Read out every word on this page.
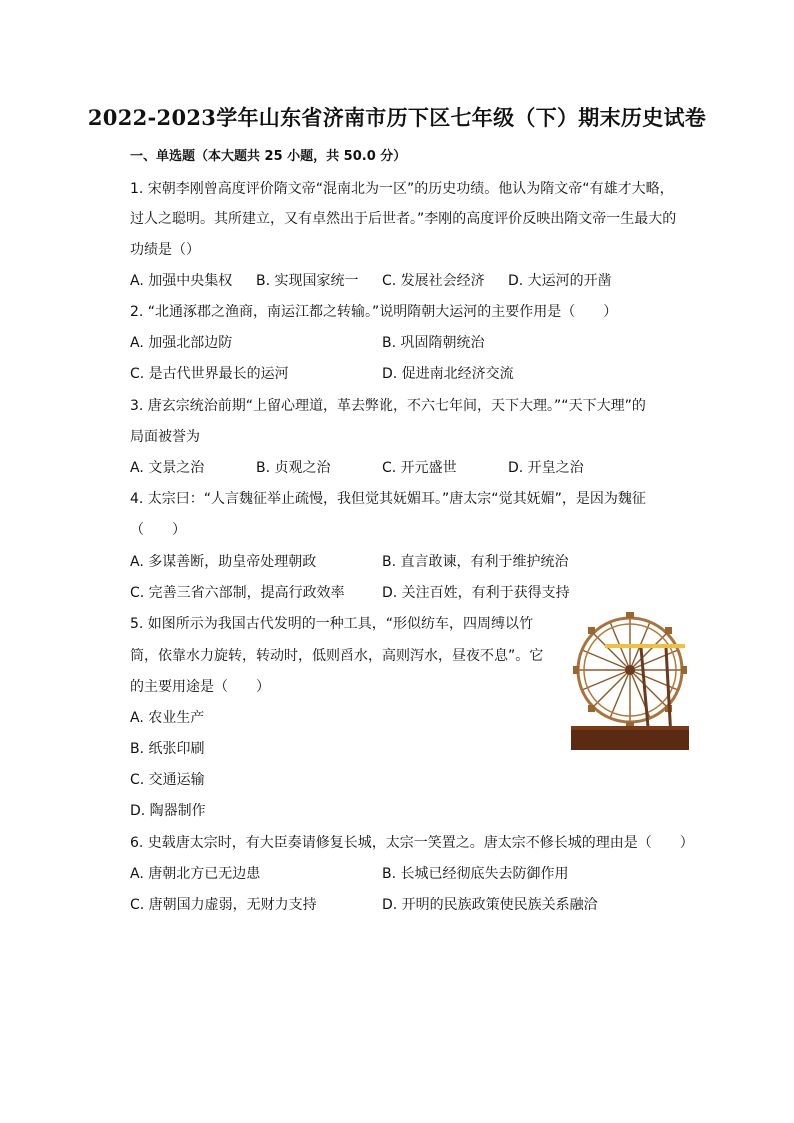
2022-2023学年山东省济南市历下区七年级（下）期末历史试卷
一、单选题（本大题共 25 小题，共 50.0 分）
1. 宋朝李刚曾高度评价隋文帝“混南北为一区”的历史功绩。他认为隋文帝“有雄才大略，
过人之聪明。其所建立，又有卓然出于后世者。”李刚的高度评价反映出隋文帝一生最大的
功绩是（）
A. 加强中央集权 B. 实现国家统一 C. 发展社会经济 D. 大运河的开凿
2. “北通涿郡之渔商，南运江都之转输。”说明隋朝大运河的主要作用是（　　）
A. 加强北部边防	B. 巩固隋朝统治
C. 是古代世界最长的运河	D. 促进南北经济交流
3. 唐玄宗统治前期“上留心理道，革去弊讹，不六七年间，天下大理。”“天下大理”的
局面被誉为
A. 文景之治	B. 贞观之治	C. 开元盛世	D. 开皇之治
4. 太宗曰：“人言魏征举止疏慢，我但觉其妩媚耳。”唐太宗“觉其妩媚”，是因为魏征
（　　）
A. 多谋善断，助皇帝处理朝政	B. 直言敢谏，有利于维护统治
C. 完善三省六部制，提高行政效率	D. 关注百姓，有利于获得支持
5. 如图所示为我国古代发明的一种工具，“形似纺车，四周缚以竹
筒，依靠水力旋转，转动时，低则舀水，高则泻水，昼夜不息”。它
的主要用途是（　　）
A. 农业生产
B. 纸张印刷
C. 交通运输
D. 陶器制作
6. 史载唐太宗时，有大臣奏请修复长城，太宗一笑置之。唐太宗不修长城的理由是（　　）
A. 唐朝北方已无边患	B. 长城已经彻底失去防御作用
C. 唐朝国力虚弱，无财力支持	D. 开明的民族政策使民族关系融洽
